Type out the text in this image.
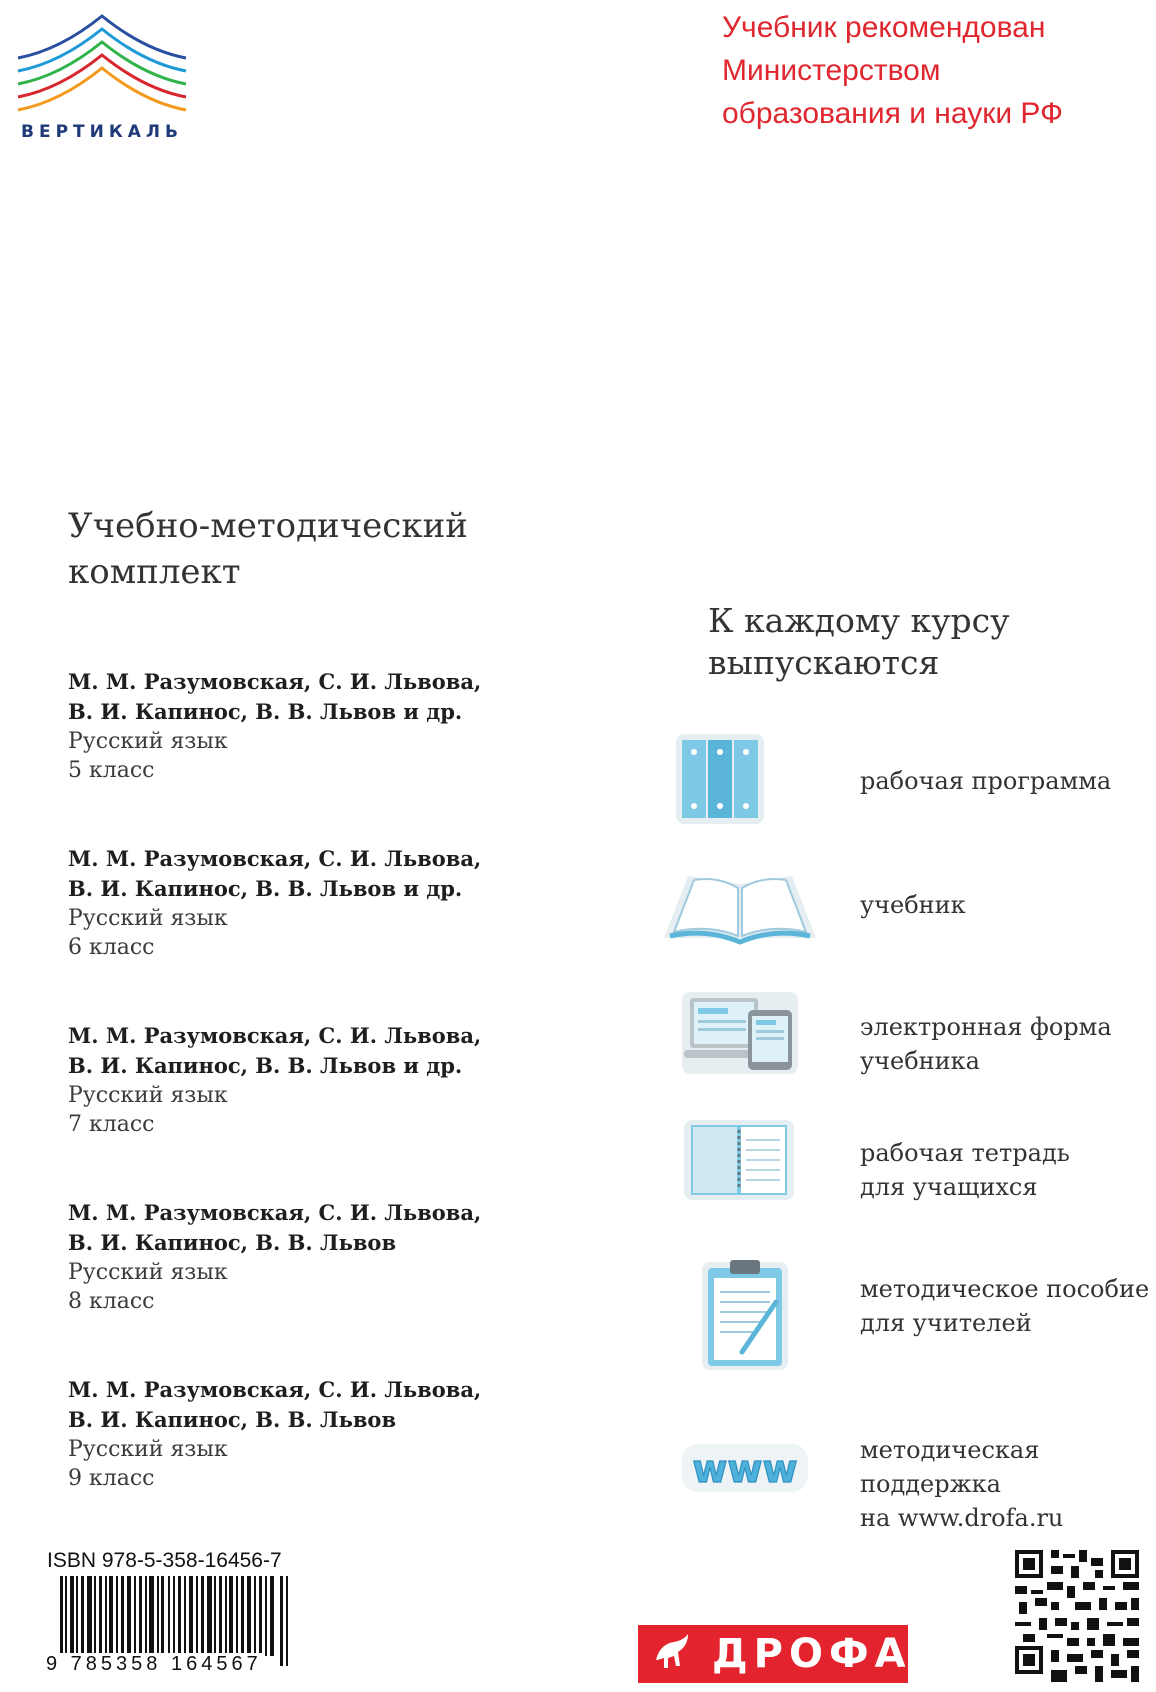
ВЕРТИКАЛЬ
Учебник рекомендован
Министерством
образования и науки РФ
Учебно-методический
комплект
М. М. Разумовская, С. И. Львова,
В. И. Капинос, В. В. Львов и др.
Русский язык
5 класс
М. М. Разумовская, С. И. Львова,
В. И. Капинос, В. В. Львов и др.
Русский язык
6 класс
М. М. Разумовская, С. И. Львова,
В. И. Капинос, В. В. Львов и др.
Русский язык
7 класс
М. М. Разумовская, С. И. Львова,
В. И. Капинос, В. В. Львов
Русский язык
8 класс
М. М. Разумовская, С. И. Львова,
В. И. Капинос, В. В. Львов
Русский язык
9 класс
К каждому курсу
выпускаются
www
рабочая программа
учебник
электронная форма
учебника
рабочая тетрадь
для учащихся
методическое пособие
для учителей
методическая поддержка
на www.drofa.ru
ISBN 978-5-358-16456-7
9 785358 164567	ДРОФА
